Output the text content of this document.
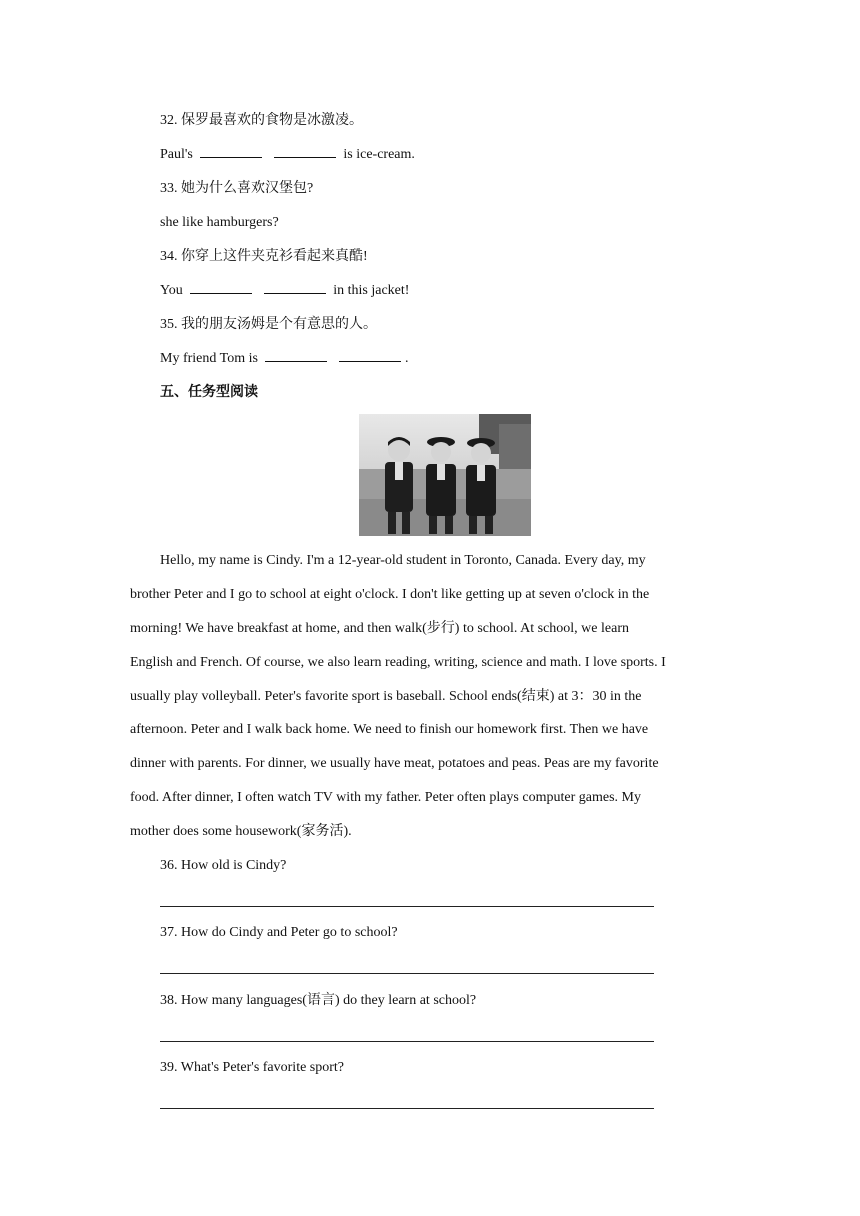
32. 保罗最喜欢的食物是冰激凌。
Paul's	is ice-cream.
33. 她为什么喜欢汉堡包?
she like hamburgers?
34. 你穿上这件夹克衫看起来真酷!
You	in this jacket!
35. 我的朋友汤姆是个有意思的人。
My friend Tom is	.
五、任务型阅读
Hello, my name is Cindy. I'm a 12-year-old student in Toronto, Canada. Every day, my
brother Peter and I go to school at eight o'clock. I don't like getting up at seven o'clock in the
morning! We have breakfast at home, and then walk(步行) to school. At school, we learn
English and French. Of course, we also learn reading, writing, science and math. I love sports. I
usually play volleyball. Peter's favorite sport is baseball. School ends(结束) at 3：30 in the
afternoon. Peter and I walk back home. We need to finish our homework first. Then we have
dinner with parents. For dinner, we usually have meat, potatoes and peas. Peas are my favorite
food. After dinner, I often watch TV with my father. Peter often plays computer games. My
mother does some housework(家务活).
36. How old is Cindy?
37. How do Cindy and Peter go to school?
38. How many languages(语言) do they learn at school?
39. What's Peter's favorite sport?
